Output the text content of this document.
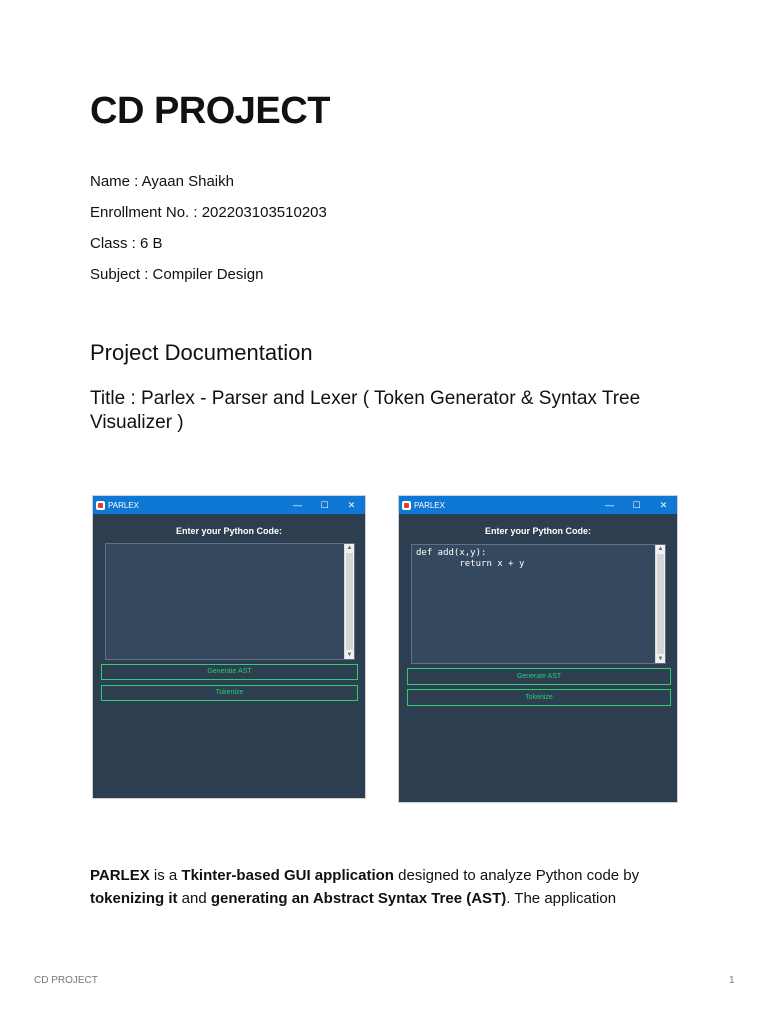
CD PROJECT
Name : Ayaan Shaikh
Enrollment No. : 202203103510203
Class : 6 B
Subject : Compiler Design
Project Documentation
Title : Parlex - Parser and Lexer ( Token Generator & Syntax Tree Visualizer )
PARLEX	—	☐	✕
Enter your Python Code:
▲
▼
Generate AST
Tokenize
PARLEX	—	☐	✕
Enter your Python Code:
def add(x,y):
return x + y
▲
▼
Generate AST
Tokenize

PARLEX is a Tkinter-based GUI application designed to analyze Python code by tokenizing it and generating an Abstract Syntax Tree (AST). The application

CD PROJECT	1
